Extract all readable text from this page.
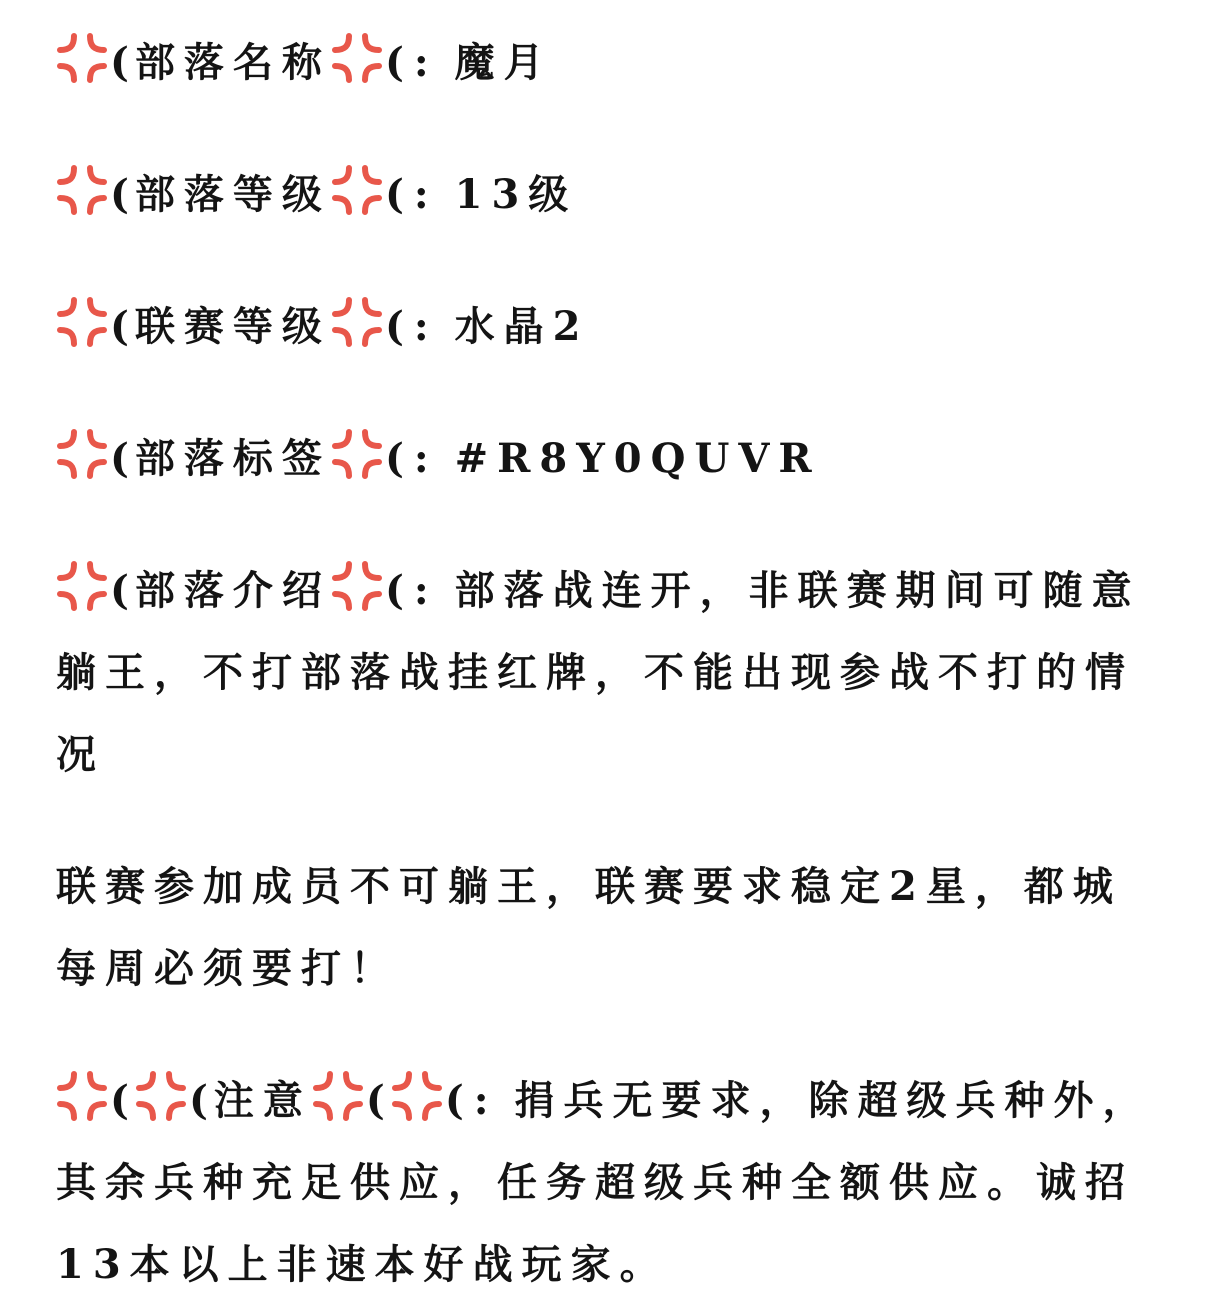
( 部落名称 ( : 魔月
( 部落等级 ( : 13级
( 联赛等级 ( : 水晶2
( 部落标签 ( : #R8Y0QUVR
( 部落介绍 ( : 部落战连开，非联赛期间可随意躺王，不打部落战挂红牌，不能出现参战不打的情况
联赛参加成员不可躺王，联赛要求稳定2星，都城每周必须要打！
( ( 注意 ( ( : 捐兵无要求，除超级兵种外，其余兵种充足供应，任务超级兵种全额供应。诚招13本以上非速本好战玩家。
